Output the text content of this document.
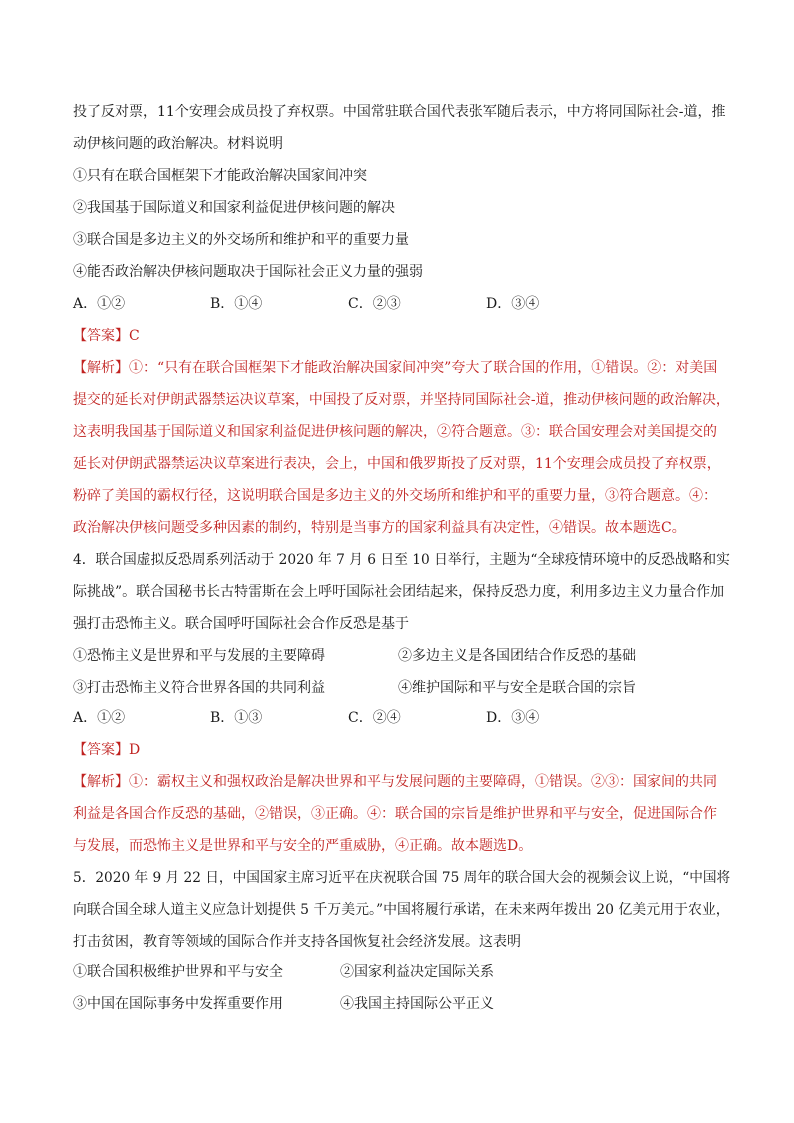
投了反对票，11个安理会成员投了弃权票。中国常驻联合国代表张军随后表示，中方将同国际社会-道，推
动伊核问题的政治解决。材料说明
①只有在联合国框架下才能政治解决国家间冲突
②我国基于国际道义和国家利益促进伊核问题的解决
③联合国是多边主义的外交场所和维护和平的重要力量
④能否政治解决伊核问题取决于国际社会正义力量的强弱
A．①②	B．①④	C．②③	D．③④
【答案】C
【解析】①：“只有在联合国框架下才能政治解决国家间冲突”夸大了联合国的作用，①错误。②：对美国
提交的延长对伊朗武器禁运决议草案，中国投了反对票，并坚持同国际社会-道，推动伊核问题的政治解决，
这表明我国基于国际道义和国家利益促进伊核问题的解决，②符合题意。③：联合国安理会对美国提交的
延长对伊朗武器禁运决议草案进行表决，会上，中国和俄罗斯投了反对票，11个安理会成员投了弃权票，
粉碎了美国的霸权行径，这说明联合国是多边主义的外交场所和维护和平的重要力量，③符合题意。④：
政治解决伊核问题受多种因素的制约，特别是当事方的国家利益具有决定性，④错误。故本题选C。
4．联合国虚拟反恐周系列活动于 2020 年 7 月 6 日至 10 日举行，主题为“全球疫情环境中的反恐战略和实
际挑战”。联合国秘书长古特雷斯在会上呼吁国际社会团结起来，保持反恐力度，利用多边主义力量合作加
强打击恐怖主义。联合国呼吁国际社会合作反恐是基于
①恐怖主义是世界和平与发展的主要障碍	②多边主义是各国团结合作反恐的基础
③打击恐怖主义符合世界各国的共同利益	④维护国际和平与安全是联合国的宗旨
A．①②	B．①③	C．②④	D．③④
【答案】D
【解析】①：霸权主义和强权政治是解决世界和平与发展问题的主要障碍，①错误。②③：国家间的共同
利益是各国合作反恐的基础，②错误，③正确。④：联合国的宗旨是维护世界和平与安全，促进国际合作
与发展，而恐怖主义是世界和平与安全的严重威胁，④正确。故本题选D。
5．2020 年 9 月 22 日，中国国家主席习近平在庆祝联合国 75 周年的联合国大会的视频会议上说，“中国将
向联合国全球人道主义应急计划提供 5 千万美元。”中国将履行承诺，在未来两年拨出 20 亿美元用于农业，
打击贫困，教育等领域的国际合作并支持各国恢复社会经济发展。这表明
①联合国积极维护世界和平与安全	②国家利益决定国际关系
③中国在国际事务中发挥重要作用	④我国主持国际公平正义
